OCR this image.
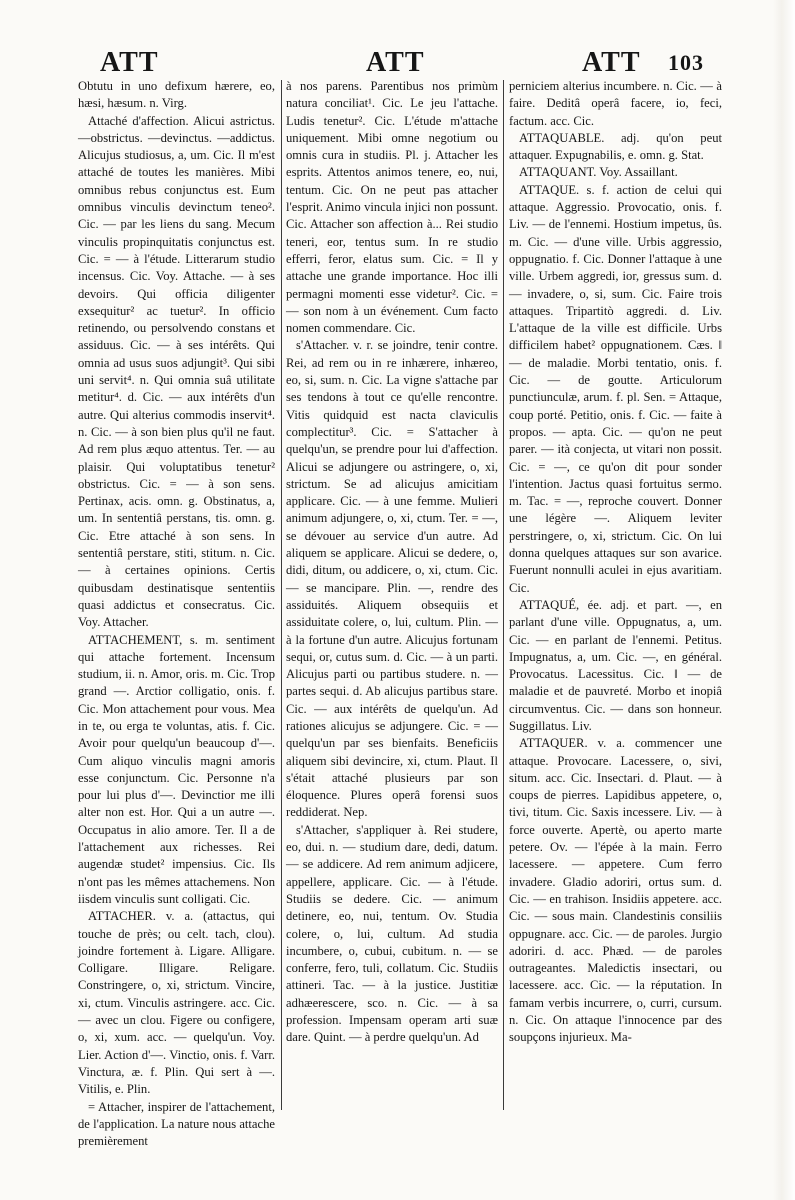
ATT	ATT	ATT 103

Obtutu in uno defixum hærere, eo, hæsi, hæsum. n. Virg.

Attaché d'affection. Alicui astrictus. —obstrictus. —devinctus. —addictus. Alicujus studiosus, a, um. Cic. Il m'est attaché de toutes les manières. Mibi omnibus rebus conjunctus est. Eum omnibus vinculis devinctum teneo². Cic. — par les liens du sang. Mecum vinculis propinquitatis conjunctus est. Cic. = — à l'étude. Litterarum studio incensus. Cic. Voy. Attache. — à ses devoirs. Qui officia diligenter exsequitur² ac tuetur². In officio retinendo, ou persolvendo constans et assiduus. Cic. — à ses intérêts. Qui omnia ad usus suos adjungit³. Qui sibi uni servit⁴. n. Qui omnia suâ utilitate metitur⁴. d. Cic. — aux intérêts d'un autre. Qui alterius commodis inservit⁴. n. Cic. — à son bien plus qu'il ne faut. Ad rem plus æquo attentus. Ter. — au plaisir. Qui voluptatibus tenetur² obstrictus. Cic. = — à son sens. Pertinax, acis. omn. g. Obstinatus, a, um. In sententiâ perstans, tis. omn. g. Cic. Etre attaché à son sens. In sententiâ perstare, stiti, stitum. n. Cic. — à certaines opinions. Certis quibusdam destinatisque sententiis quasi addictus et consecratus. Cic. Voy. Attacher.

ATTACHEMENT, s. m. sentiment qui attache fortement. Incensum studium, ii. n. Amor, oris. m. Cic. Trop grand —. Arctior colligatio, onis. f. Cic. Mon attachement pour vous. Mea in te, ou erga te voluntas, atis. f. Cic. Avoir pour quelqu'un beaucoup d'—. Cum aliquo vinculis magni amoris esse conjunctum. Cic. Personne n'a pour lui plus d'—. Devinctior me illi alter non est. Hor. Qui a un autre —. Occupatus in alio amore. Ter. Il a de l'attachement aux richesses. Rei augendæ studet² impensius. Cic. Ils n'ont pas les mêmes attachemens. Non iisdem vinculis sunt colligati. Cic.

ATTACHER. v. a. (attactus, qui touche de près; ou celt. tach, clou). joindre fortement à. Ligare. Alligare. Colligare. Illigare. Religare. Constringere, o, xi, strictum. Vincire, xi, ctum. Vinculis astringere. acc. Cic. — avec un clou. Figere ou configere, o, xi, xum. acc. — quelqu'un. Voy. Lier. Action d'—. Vinctio, onis. f. Varr. Vinctura, æ. f. Plin. Qui sert à —. Vitilis, e. Plin.

= Attacher, inspirer de l'attachement, de l'application. La nature nous attache premièrement

à nos parens. Parentibus nos primùm natura conciliat¹. Cic. Le jeu l'attache. Ludis tenetur². Cic. L'étude m'attache uniquement. Mibi omne negotium ou omnis cura in studiis. Pl. j. Attacher les esprits. Attentos animos tenere, eo, nui, tentum. Cic. On ne peut pas attacher l'esprit. Animo vincula injici non possunt. Cic. Attacher son affection à... Rei studio teneri, eor, tentus sum. In re studio efferri, feror, elatus sum. Cic. = Il y attache une grande importance. Hoc illi permagni momenti esse videtur². Cic. = — son nom à un événement. Cum facto nomen commendare. Cic.

s'Attacher. v. r. se joindre, tenir contre. Rei, ad rem ou in re inhærere, inhæreo, eo, si, sum. n. Cic. La vigne s'attache par ses tendons à tout ce qu'elle rencontre. Vitis quidquid est nacta claviculis complectitur³. Cic. = S'attacher à quelqu'un, se prendre pour lui d'affection. Alicui se adjungere ou astringere, o, xi, strictum. Se ad alicujus amicitiam applicare. Cic. — à une femme. Mulieri animum adjungere, o, xi, ctum. Ter. = —, se dévouer au service d'un autre. Ad aliquem se applicare. Alicui se dedere, o, didi, ditum, ou addicere, o, xi, ctum. Cic. — se mancipare. Plin. —, rendre des assiduités. Aliquem obsequiis et assiduitate colere, o, lui, cultum. Plin. — à la fortune d'un autre. Alicujus fortunam sequi, or, cutus sum. d. Cic. — à un parti. Alicujus parti ou partibus studere. n. — partes sequi. d. Ab alicujus partibus stare. Cic. — aux intérêts de quelqu'un. Ad rationes alicujus se adjungere. Cic. = — quelqu'un par ses bienfaits. Beneficiis aliquem sibi devincire, xi, ctum. Plaut. Il s'était attaché plusieurs par son éloquence. Plures operâ forensi suos reddiderat. Nep.

s'Attacher, s'appliquer à. Rei studere, eo, dui. n. — studium dare, dedi, datum. — se addicere. Ad rem animum adjicere, appellere, applicare. Cic. — à l'étude. Studiis se dedere. Cic. — animum detinere, eo, nui, tentum. Ov. Studia colere, o, lui, cultum. Ad studia incumbere, o, cubui, cubitum. n. — se conferre, fero, tuli, collatum. Cic. Studiis attineri. Tac. — à la justice. Justitiæ adhæerescere, sco. n. Cic. — à sa profession. Impensam operam arti suæ dare. Quint. — à perdre quelqu'un. Ad

perniciem alterius incumbere. n. Cic. — à faire. Deditâ operâ facere, io, feci, factum. acc. Cic.

ATTAQUABLE. adj. qu'on peut attaquer. Expugnabilis, e. omn. g. Stat.

ATTAQUANT. Voy. Assaillant.

ATTAQUE. s. f. action de celui qui attaque. Aggressio. Provocatio, onis. f. Liv. — de l'ennemi. Hostium impetus, ûs. m. Cic. — d'une ville. Urbis aggressio, oppugnatio. f. Cic. Donner l'attaque à une ville. Urbem aggredi, ior, gressus sum. d. — invadere, o, si, sum. Cic. Faire trois attaques. Tripartitò aggredi. d. Liv. L'attaque de la ville est difficile. Urbs difficilem habet² oppugnationem. Cæs. ‖ — de maladie. Morbi tentatio, onis. f. Cic. — de goutte. Articulorum punctiunculæ, arum. f. pl. Sen. = Attaque, coup porté. Petitio, onis. f. Cic. — faite à propos. — apta. Cic. — qu'on ne peut parer. — ità conjecta, ut vitari non possit. Cic. = —, ce qu'on dit pour sonder l'intention. Jactus quasi fortuitus sermo. m. Tac. = —, reproche couvert. Donner une légère —. Aliquem leviter perstringere, o, xi, strictum. Cic. On lui donna quelques attaques sur son avarice. Fuerunt nonnulli aculei in ejus avaritiam. Cic.

ATTAQUÉ, ée. adj. et part. —, en parlant d'une ville. Oppugnatus, a, um. Cic. — en parlant de l'ennemi. Petitus. Impugnatus, a, um. Cic. —, en général. Provocatus. Lacessitus. Cic. ‖ — de maladie et de pauvreté. Morbo et inopiâ circumventus. Cic. — dans son honneur. Suggillatus. Liv.

ATTAQUER. v. a. commencer une attaque. Provocare. Lacessere, o, sivi, situm. acc. Cic. Insectari. d. Plaut. — à coups de pierres. Lapidibus appetere, o, tivi, titum. Cic. Saxis incessere. Liv. — à force ouverte. Apertè, ou aperto marte petere. Ov. — l'épée à la main. Ferro lacessere. — appetere. Cum ferro invadere. Gladio adoriri, ortus sum. d. Cic. — en trahison. Insidiis appetere. acc. Cic. — sous main. Clandestinis consiliis oppugnare. acc. Cic. — de paroles. Jurgio adoriri. d. acc. Phæd. — de paroles outrageantes. Maledictis insectari, ou lacessere. acc. Cic. — la réputation. In famam verbis incurrere, o, curri, cursum. n. Cic. On attaque l'innocence par des soupçons injurieux. Ma-
